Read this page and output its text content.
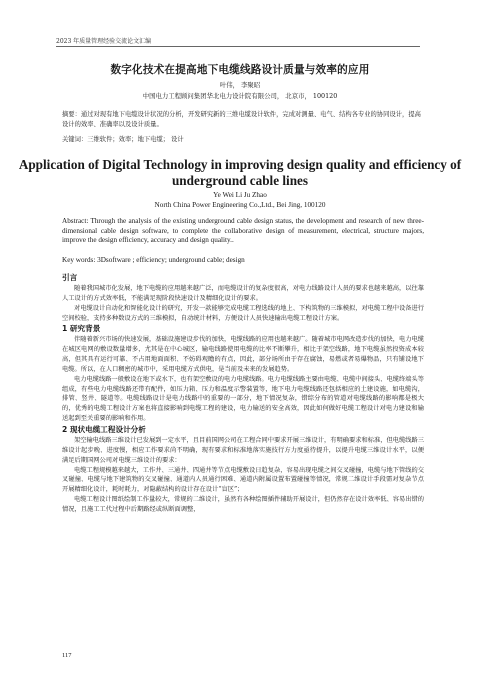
2023 年质量管理经验交流论文汇编
数字化技术在提高地下电缆线路设计质量与效率的应用
叶伟， 李聚昭
中国电力工程顾问集团华北电力设计院有限公司， 北京市， 100120
摘要：通过对现有地下电缆设计状况的分析，开发研究新的三维电缆设计软件，完成对测量、电气、结构各专业的协同设计，提高设计的效率、准确率以及设计质量。
关键词：三维软件；效率；地下电缆； 设计
Application of Digital Technology in improving design quality and efficiency of underground cable lines
Ye Wei Li Ju Zhao
North China Power Engineering Co.,Ltd., Bei Jing, 100120
Abstract: Through the analysis of the existing underground cable design status, the development and research of new three-dimensional cable design software, to complete the collaborative design of measurement, electrical, structure majors, improve the design efficiency, accuracy and design quality..
Key words: 3Dsoftware ; efficiency; underground cable; design
引言

随着我国城市化发展，地下电缆的应用越来越广泛，而电缆设计的复杂度很高，对电力线路设计人员的要求也越来越高，以往靠人工设计的方式效率低，不能满足现阶段快速设计及精细化设计的要求。

对电缆设计自动化和智能化设计的研究，开发一款能够完成电缆工程选线的地上、下构筑物的三维模拟，对电缆工程中设备进行空间校验，支持多种数设方式的三维模拟，自动统计材料，方便设计人员快速输出电缆工程设计方案。

1 研究背景

伴随着新兴市场的快速发展，基础设施建设步伐的加快，电缆线路的应用也越来越广。随着城市电网改造步伐的加快，电力电缆在城区电网的敷设数量增多，尤其是在中心城区，输电线路使用电缆的比率不断攀升，相比于架空线路，地下电缆虽然投资成本较高，但其具有运行可靠、不占用地面面积、不妨碍观瞻的有点，因此，部分场所由于存在腐蚀，易燃或者易爆物品，只有铺设地下电缆。所以，在人口稠密的城市中，采用电缆方式供电，是当前及未来的发展趋势。

电力电缆线路一般敷设在地下或水下，也有架空敷设的电力电缆线路。电力电缆线路主要由电缆、电缆中间接头、电缆终端头等组成，有些电力电缆线路还带有配件，如压力箱、压力和温度示警装置等，地下电力电缆线路还包括相应的土建设施，如电缆沟，排管、竖井、隧道等。电缆线路设计是电力线路中的重要的一部分，地下情况复杂，错综分布的管道对电缆线路的影响都是极大的，优秀的电缆工程设计方案也将直接影响到电缆工程的建设，电力输送的安全高效，因此如何做好电缆工程设计对电力建设和输送起到至关重要的影响和作用。

2 现状电缆工程设计分析

架空输电线路三维设计已发展到一定水平，且目前国网公司在工程合同中要求开展三维设计，有明确要求和标准，但电缆线路三维设计起步晚、进度慢，相应工作要求尚不明确，现有要求和标准地落实施技行方力度亟待提升，以提升电缆三维设计水平，以便满足后期国网公司对电缆三维设计的要求：

电缆工程规模越来越大，工作井、三通井、四通井等节点电缆敷设日趋复杂，容易出现电缆之间交叉碰撞，电缆与地下管线的交叉碰撞、电缆与地下建筑物的交叉碰撞、通道内人员通行困难、通道内附属设置布置碰撞等情况，常规二维设计手段需对复杂节点开展精细化设计，耗时耗力，对隐蔽结构的设计存在设计“盲区”；

电缆工程设计图纸绘制工作量较大，常规的二维设计，虽然有各种绘图插件辅助开展设计，但仍然存在设计效率低、容易出错的情况，且施工工代过程中后期路经或纵断面调整，

117
